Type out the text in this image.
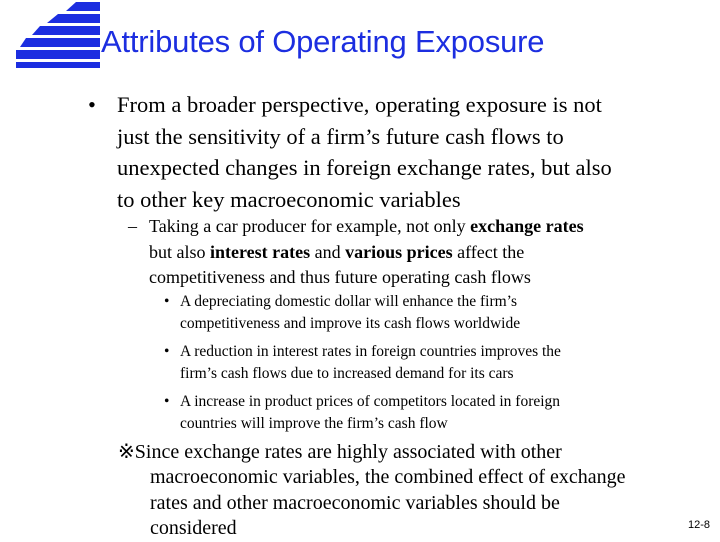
Attributes of Operating Exposure
• From a broader perspective, operating exposure is not
just the sensitivity of a firm’s future cash flows to
unexpected changes in foreign exchange rates, but also
to other key macroeconomic variables
– Taking a car producer for example, not only exchange rates
but also interest rates and various prices affect the
competitiveness and thus future operating cash flows
•
•
•
A depreciating domestic dollar will enhance the firm’s
competitiveness and improve its cash flows worldwide
A reduction in interest rates in foreign countries improves the
firm’s cash flows due to increased demand for its cars
A increase in product prices of competitors located in foreign
countries will improve the firm’s cash flow
※Since exchange rates are highly associated with other
macroeconomic variables, the combined effect of exchange
rates and other macroeconomic variables should be
considered	12-8
